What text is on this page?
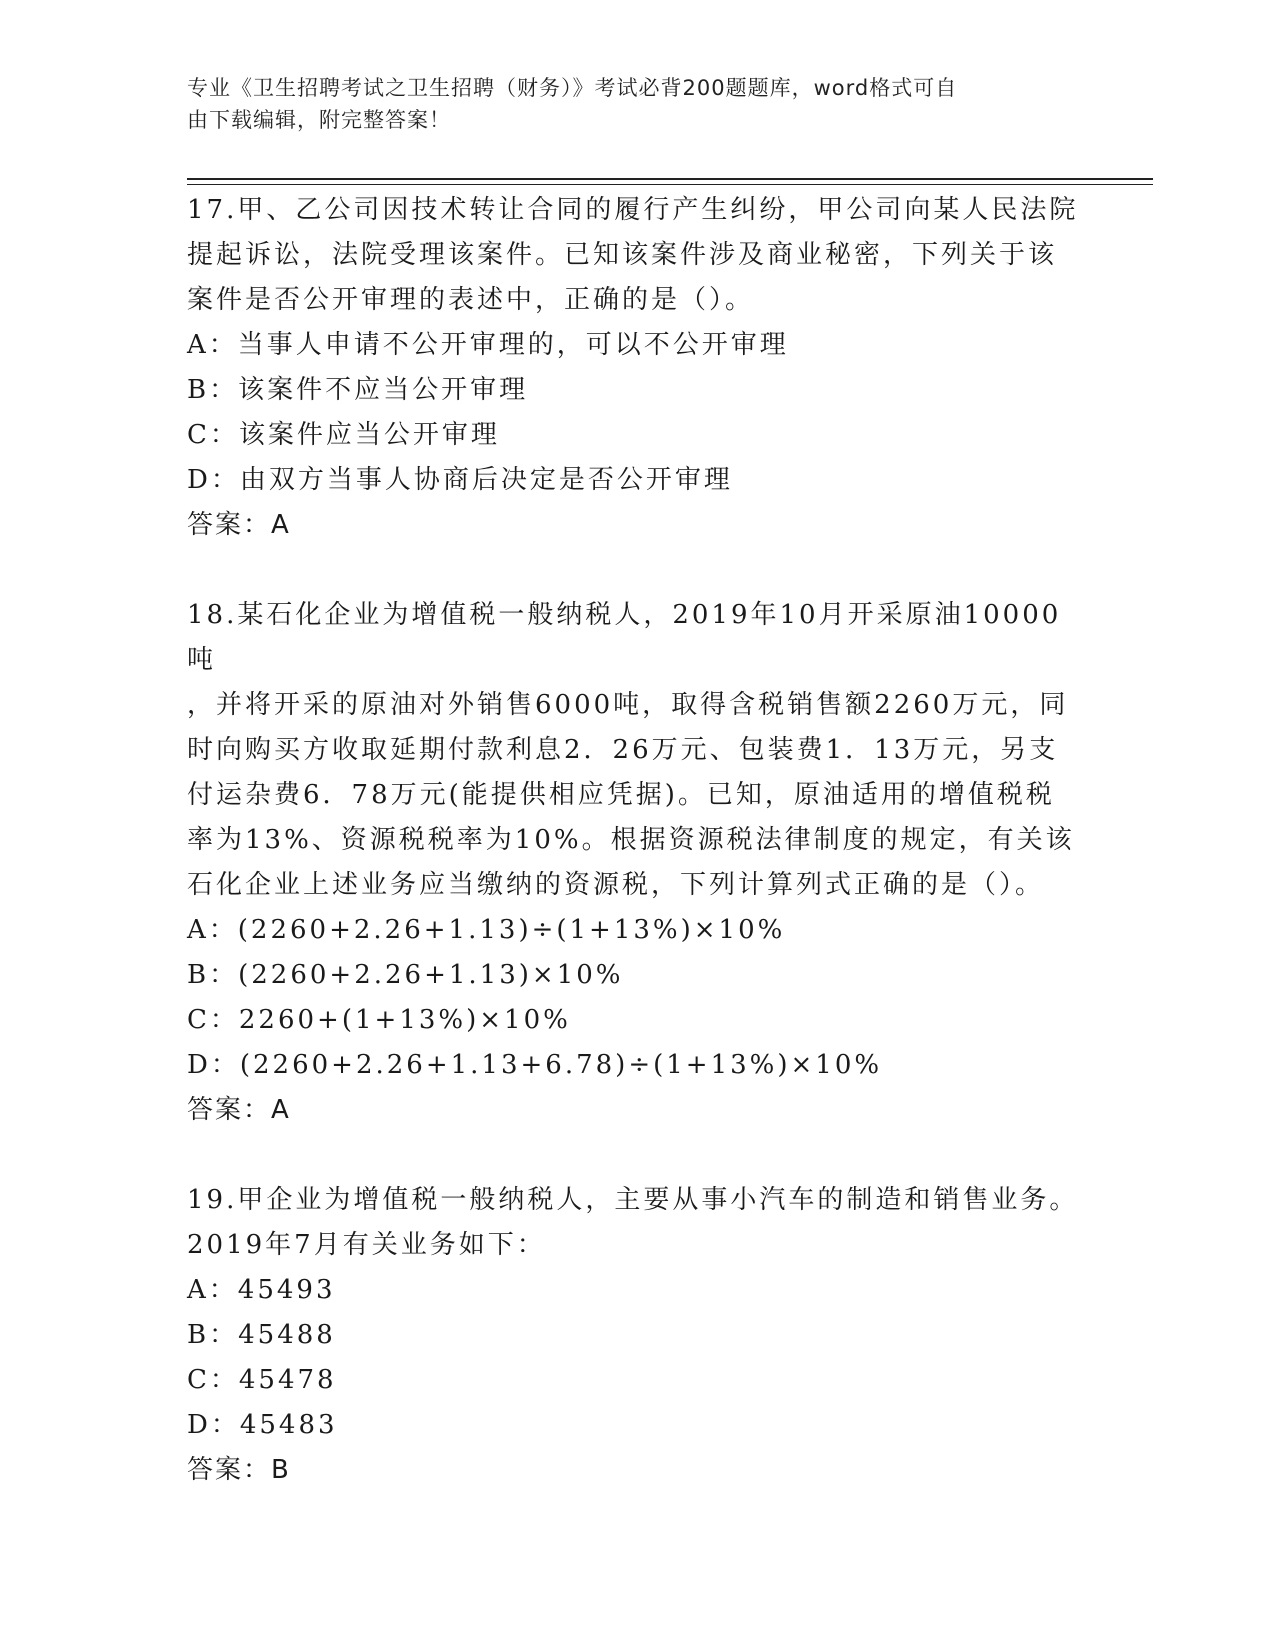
专业《卫生招聘考试之卫生招聘（财务）》考试必背200题题库，word格式可自
由下载编辑，附完整答案！

17.甲、乙公司因技术转让合同的履行产生纠纷，甲公司向某人民法院

提起诉讼，法院受理该案件。已知该案件涉及商业秘密，下列关于该

案件是否公开审理的表述中，正确的是（）。

A：当事人申请不公开审理的，可以不公开审理

B：该案件不应当公开审理

C：该案件应当公开审理

D：由双方当事人协商后决定是否公开审理

答案：A

18.某石化企业为增值税一般纳税人，2019年10月开采原油10000吨

，并将开采的原油对外销售6000吨，取得含税销售额2260万元，同

时向购买方收取延期付款利息2．26万元、包装费1．13万元，另支

付运杂费6．78万元(能提供相应凭据)。已知，原油适用的增值税税

率为13%、资源税税率为10%。根据资源税法律制度的规定，有关该

石化企业上述业务应当缴纳的资源税，下列计算列式正确的是（）。

A：(2260+2.26+1.13)÷(1+13%)×10%

B：(2260+2.26+1.13)×10%

C：2260+(1+13%)×10%

D：(2260+2.26+1.13+6.78)÷(1+13%)×10%

答案：A

19.甲企业为增值税一般纳税人，主要从事小汽车的制造和销售业务。

2019年7月有关业务如下：

A：45493

B：45488

C：45478

D：45483

答案：B
